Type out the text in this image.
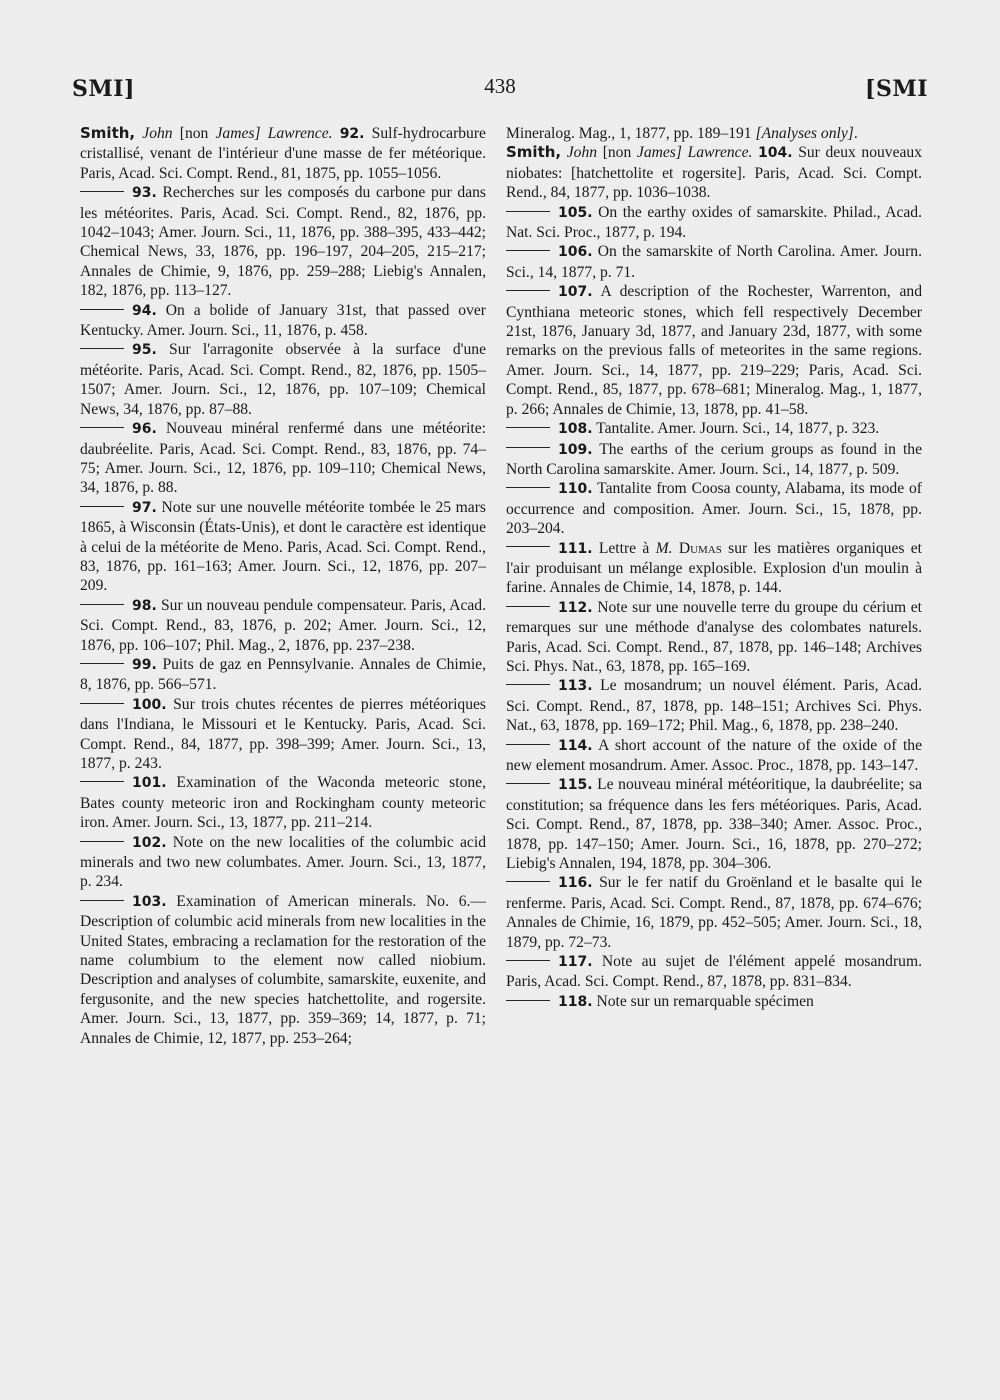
SMI]	438	[SMI

Smith, John [non James] Lawrence. 92. Sulf-hydrocarbure cristallisé, venant de l'intérieur d'une masse de fer météorique. Paris, Acad. Sci. Compt. Rend., 81, 1875, pp. 1055–1056.

93. Recherches sur les composés du carbone pur dans les météorites. Paris, Acad. Sci. Compt. Rend., 82, 1876, pp. 1042–1043; Amer. Journ. Sci., 11, 1876, pp. 388–395, 433–442; Chemical News, 33, 1876, pp. 196–197, 204–205, 215–217; Annales de Chimie, 9, 1876, pp. 259–288; Liebig's Annalen, 182, 1876, pp. 113–127.

94. On a bolide of January 31st, that passed over Kentucky. Amer. Journ. Sci., 11, 1876, p. 458.

95. Sur l'arragonite observée à la surface d'une météorite. Paris, Acad. Sci. Compt. Rend., 82, 1876, pp. 1505–1507; Amer. Journ. Sci., 12, 1876, pp. 107–109; Chemical News, 34, 1876, pp. 87–88.

96. Nouveau minéral renfermé dans une météorite: daubréelite. Paris, Acad. Sci. Compt. Rend., 83, 1876, pp. 74–75; Amer. Journ. Sci., 12, 1876, pp. 109–110; Chemical News, 34, 1876, p. 88.

97. Note sur une nouvelle météorite tombée le 25 mars 1865, à Wisconsin (États-Unis), et dont le caractère est identique à celui de la météorite de Meno. Paris, Acad. Sci. Compt. Rend., 83, 1876, pp. 161–163; Amer. Journ. Sci., 12, 1876, pp. 207–209.

98. Sur un nouveau pendule compensateur. Paris, Acad. Sci. Compt. Rend., 83, 1876, p. 202; Amer. Journ. Sci., 12, 1876, pp. 106–107; Phil. Mag., 2, 1876, pp. 237–238.

99. Puits de gaz en Pennsylvanie. Annales de Chimie, 8, 1876, pp. 566–571.

100. Sur trois chutes récentes de pierres météoriques dans l'Indiana, le Missouri et le Kentucky. Paris, Acad. Sci. Compt. Rend., 84, 1877, pp. 398–399; Amer. Journ. Sci., 13, 1877, p. 243.

101. Examination of the Waconda meteoric stone, Bates county meteoric iron and Rockingham county meteoric iron. Amer. Journ. Sci., 13, 1877, pp. 211–214.

102. Note on the new localities of the columbic acid minerals and two new columbates. Amer. Journ. Sci., 13, 1877, p. 234.

103. Examination of American minerals. No. 6.—Description of columbic acid minerals from new localities in the United States, embracing a reclamation for the restoration of the name columbium to the element now called niobium. Description and analyses of columbite, samarskite, euxenite, and fergusonite, and the new species hatchettolite, and rogersite. Amer. Journ. Sci., 13, 1877, pp. 359–369; 14, 1877, p. 71; Annales de Chimie, 12, 1877, pp. 253–264;

Mineralog. Mag., 1, 1877, pp. 189–191 [Analyses only].

Smith, John [non James] Lawrence. 104. Sur deux nouveaux niobates: [hatchettolite et rogersite]. Paris, Acad. Sci. Compt. Rend., 84, 1877, pp. 1036–1038.

105. On the earthy oxides of samarskite. Philad., Acad. Nat. Sci. Proc., 1877, p. 194.

106. On the samarskite of North Carolina. Amer. Journ. Sci., 14, 1877, p. 71.

107. A description of the Rochester, Warrenton, and Cynthiana meteoric stones, which fell respectively December 21st, 1876, January 3d, 1877, and January 23d, 1877, with some remarks on the previous falls of meteorites in the same regions. Amer. Journ. Sci., 14, 1877, pp. 219–229; Paris, Acad. Sci. Compt. Rend., 85, 1877, pp. 678–681; Mineralog. Mag., 1, 1877, p. 266; Annales de Chimie, 13, 1878, pp. 41–58.

108. Tantalite. Amer. Journ. Sci., 14, 1877, p. 323.

109. The earths of the cerium groups as found in the North Carolina samarskite. Amer. Journ. Sci., 14, 1877, p. 509.

110. Tantalite from Coosa county, Alabama, its mode of occurrence and composition. Amer. Journ. Sci., 15, 1878, pp. 203–204.

111. Lettre à M. Dumas sur les matières organiques et l'air produisant un mélange explosible. Explosion d'un moulin à farine. Annales de Chimie, 14, 1878, p. 144.

112. Note sur une nouvelle terre du groupe du cérium et remarques sur une méthode d'analyse des colombates naturels. Paris, Acad. Sci. Compt. Rend., 87, 1878, pp. 146–148; Archives Sci. Phys. Nat., 63, 1878, pp. 165–169.

113. Le mosandrum; un nouvel élément. Paris, Acad. Sci. Compt. Rend., 87, 1878, pp. 148–151; Archives Sci. Phys. Nat., 63, 1878, pp. 169–172; Phil. Mag., 6, 1878, pp. 238–240.

114. A short account of the nature of the oxide of the new element mosandrum. Amer. Assoc. Proc., 1878, pp. 143–147.

115. Le nouveau minéral météoritique, la daubréelite; sa constitution; sa fréquence dans les fers météoriques. Paris, Acad. Sci. Compt. Rend., 87, 1878, pp. 338–340; Amer. Assoc. Proc., 1878, pp. 147–150; Amer. Journ. Sci., 16, 1878, pp. 270–272; Liebig's Annalen, 194, 1878, pp. 304–306.

116. Sur le fer natif du Groënland et le basalte qui le renferme. Paris, Acad. Sci. Compt. Rend., 87, 1878, pp. 674–676; Annales de Chimie, 16, 1879, pp. 452–505; Amer. Journ. Sci., 18, 1879, pp. 72–73.

117. Note au sujet de l'élément appelé mosandrum. Paris, Acad. Sci. Compt. Rend., 87, 1878, pp. 831–834.

118. Note sur un remarquable spécimen
